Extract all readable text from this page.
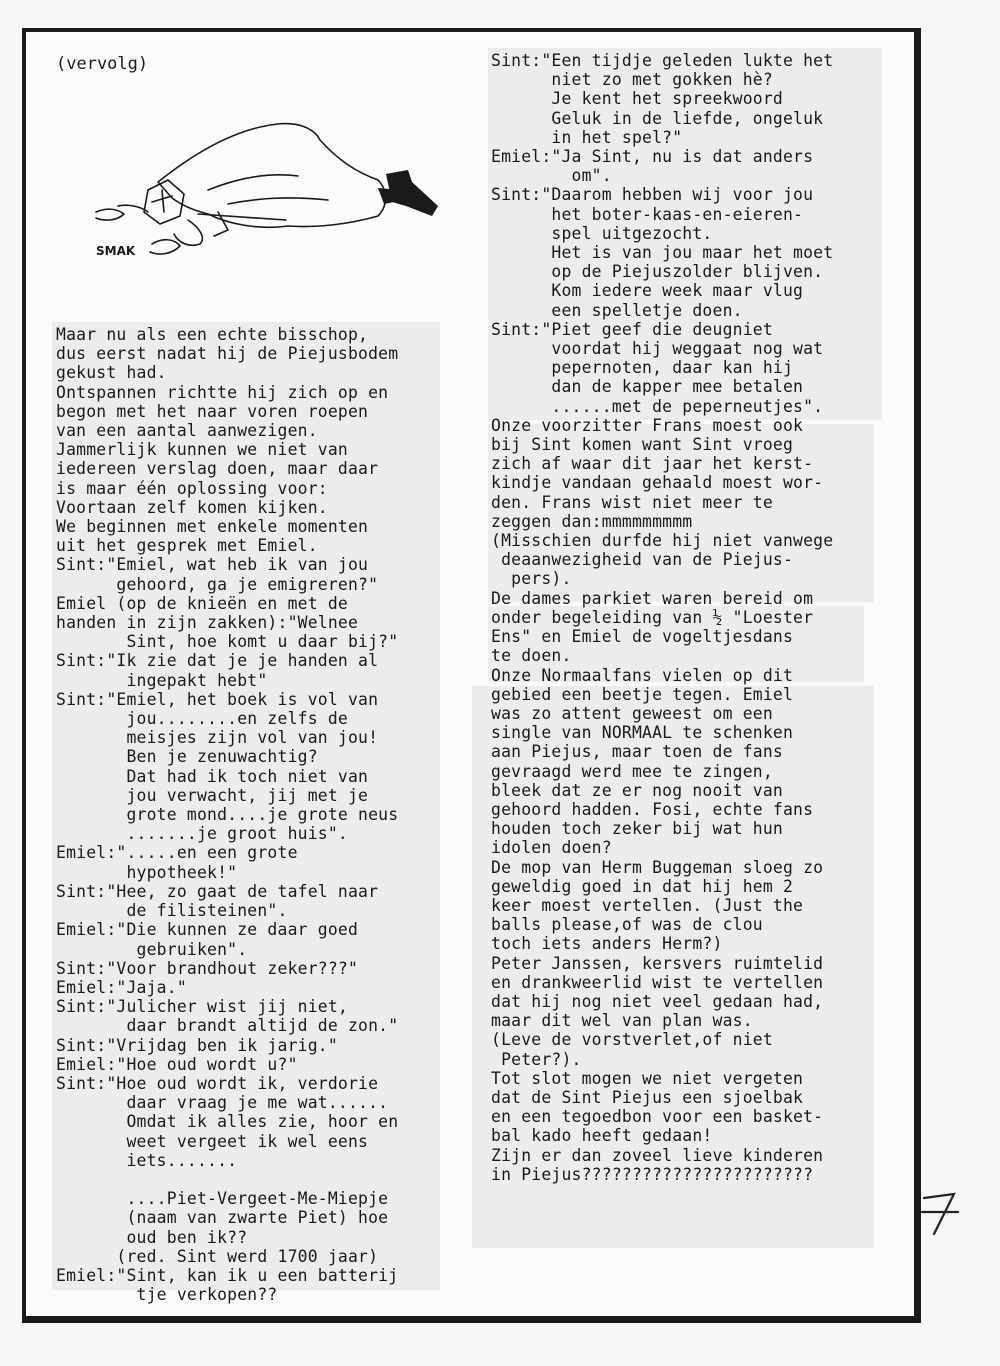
(vervolg)
SMAK
Maar nu als een echte bisschop,
dus eerst nadat hij de Piejusbodem
gekust had.
Ontspannen richtte hij zich op en
begon met het naar voren roepen
van een aantal aanwezigen.
Jammerlijk kunnen we niet van
iedereen verslag doen, maar daar
is maar één oplossing voor:
Voortaan zelf komen kijken.
We beginnen met enkele momenten
uit het gesprek met Emiel.
Sint:"Emiel, wat heb ik van jou
gehoord, ga je emigreren?"
Emiel (op de knieën en met de
handen in zijn zakken):"Welnee
Sint, hoe komt u daar bij?"
Sint:"Ik zie dat je je handen al
ingepakt hebt"
Sint:"Emiel, het boek is vol van
jou........en zelfs de
meisjes zijn vol van jou!
Ben je zenuwachtig?
Dat had ik toch niet van
jou verwacht, jij met je
grote mond....je grote neus
.......je groot huis".
Emiel:".....en een grote
hypotheek!"
Sint:"Hee, zo gaat de tafel naar
de filisteinen".
Emiel:"Die kunnen ze daar goed
gebruiken".
Sint:"Voor brandhout zeker???"
Emiel:"Jaja."
Sint:"Julicher wist jij niet,
daar brandt altijd de zon."
Sint:"Vrijdag ben ik jarig."
Emiel:"Hoe oud wordt u?"
Sint:"Hoe oud wordt ik, verdorie
daar vraag je me wat......
Omdat ik alles zie, hoor en
weet vergeet ik wel eens
iets.......

....Piet-Vergeet-Me-Miepje
(naam van zwarte Piet) hoe
oud ben ik??
(red. Sint werd 1700 jaar)
Emiel:"Sint, kan ik u een batterij
tje verkopen??
Sint:"Een tijdje geleden lukte het
niet zo met gokken hè?
Je kent het spreekwoord
Geluk in de liefde, ongeluk
in het spel?"
Emiel:"Ja Sint, nu is dat anders
om".
Sint:"Daarom hebben wij voor jou
het boter-kaas-en-eieren-
spel uitgezocht.
Het is van jou maar het moet
op de Piejuszolder blijven.
Kom iedere week maar vlug
een spelletje doen.
Sint:"Piet geef die deugniet
voordat hij weggaat nog wat
pepernoten, daar kan hij
dan de kapper mee betalen
......met de peperneutjes".
Onze voorzitter Frans moest ook
bij Sint komen want Sint vroeg
zich af waar dit jaar het kerst-
kindje vandaan gehaald moest wor-
den. Frans wist niet meer te
zeggen dan:mmmmmmmmm
(Misschien durfde hij niet vanwege
deaanwezigheid van de Piejus-
pers).
De dames parkiet waren bereid om
onder begeleiding van ½ "Loester
Ens" en Emiel de vogeltjesdans
te doen.
Onze Normaalfans vielen op dit
gebied een beetje tegen. Emiel
was zo attent geweest om een
single van NORMAAL te schenken
aan Piejus, maar toen de fans
gevraagd werd mee te zingen,
bleek dat ze er nog nooit van
gehoord hadden. Fosi, echte fans
houden toch zeker bij wat hun
idolen doen?
De mop van Herm Buggeman sloeg zo
geweldig goed in dat hij hem 2
keer moest vertellen. (Just the
balls please,of was de clou
toch iets anders Herm?)
Peter Janssen, kersvers ruimtelid
en drankweerlid wist te vertellen
dat hij nog niet veel gedaan had,
maar dit wel van plan was.
(Leve de vorstverlet,of niet
Peter?).
Tot slot mogen we niet vergeten
dat de Sint Piejus een sjoelbak
en een tegoedbon voor een basket-
bal kado heeft gedaan!
Zijn er dan zoveel lieve kinderen
in Piejus???????????????????????
